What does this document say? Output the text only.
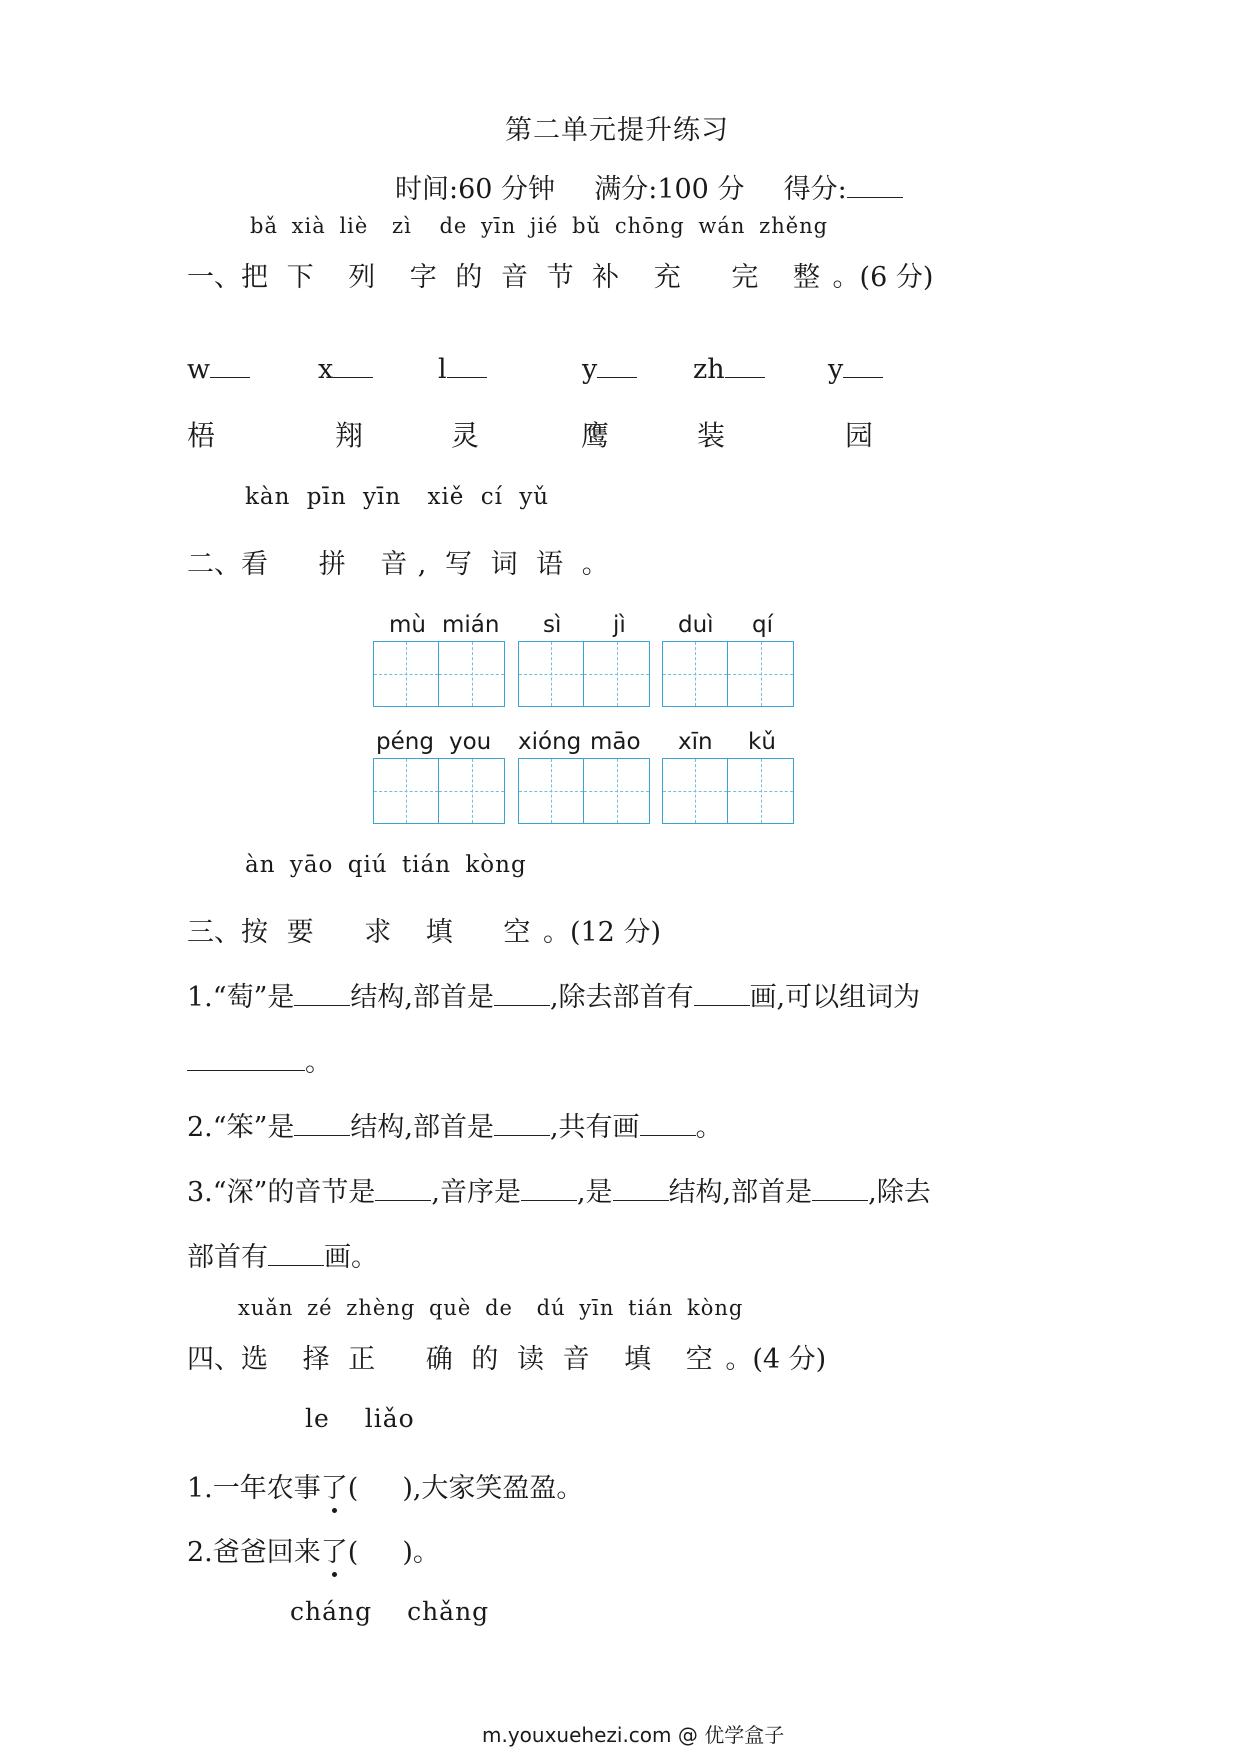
第二单元提升练习
时间:60 分钟 满分:100 分 得分:
bǎ xià liè zì de yīn jié bǔ chōng wán zhěng
一、把 下 列 字 的 音 节 补 充 完 整 。(6 分)
w	x	l	y	zh	y
梧	翔	灵	鹰	装	园
kàn pīn yīn xiě cí yǔ
二、看 拼 音 , 写 词 语 。
mù mián sì jì duì qí
péng you xióng māo xīn kǔ
àn yāo qiú tián kòng
三、按 要 求 填 空 。(12 分)
1.“萄”是 结构,部首是 ,除去部首有 画,可以组词为
。
2.“笨”是 结构,部首是 ,共有画 。
3.“深”的音节是 ,音序是 ,是 结构,部首是 ,除去
部首有 画。
xuǎn zé zhèng què de dú yīn tián kòng
四、选 择 正 确 的 读 音 填 空 。(4 分)
le liǎo
1.一年农事了( ),大家笑盈盈。
2.爸爸回来了( )。
cháng chǎng
m.youxuehezi.com @ 优学盒子
